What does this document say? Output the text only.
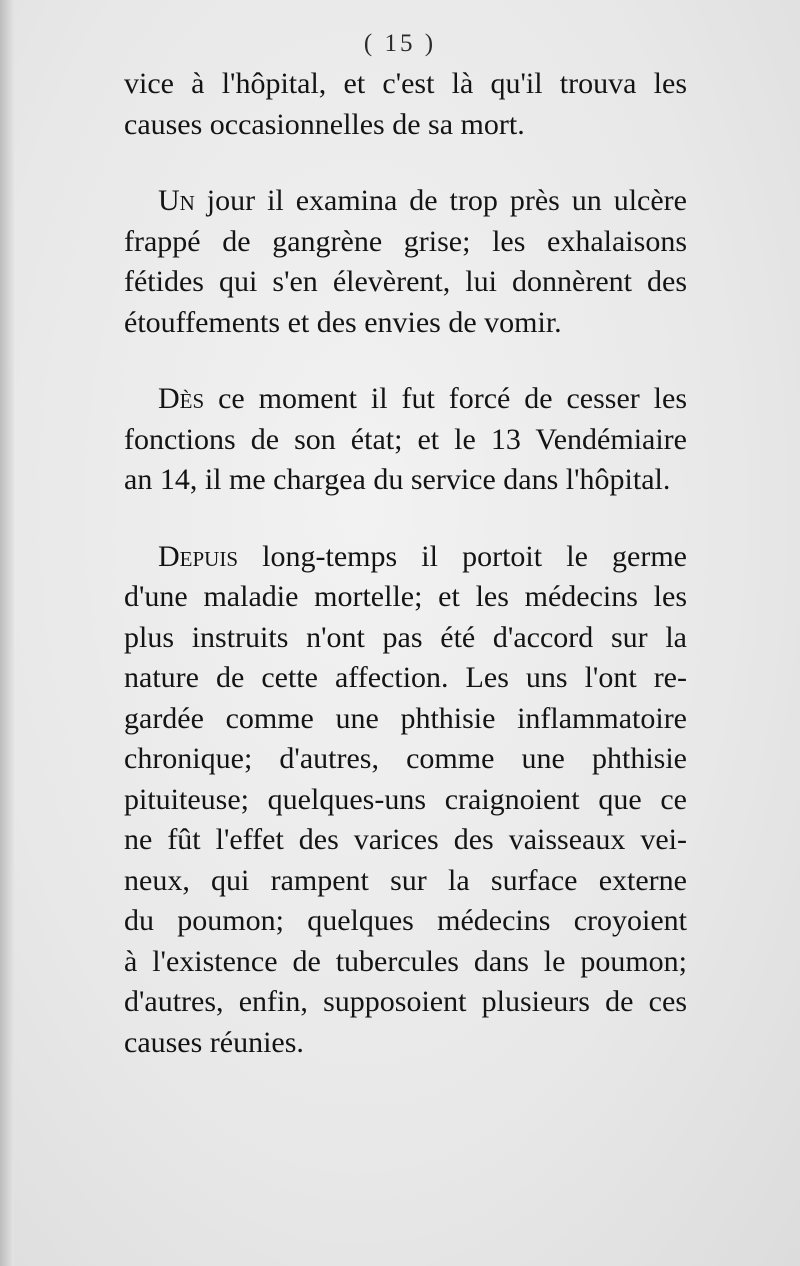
( 15 )
vice à l'hôpital, et c'est là qu'il trouva les
causes occasionnelles de sa mort.
Un jour il examina de trop près un ulcère
frappé de gangrène grise; les exhalaisons
fétides qui s'en élevèrent, lui donnèrent des
étouffements et des envies de vomir.
Dès ce moment il fut forcé de cesser les
fonctions de son état; et le 13 Vendémiaire
an 14, il me chargea du service dans l'hôpital.
Depuis long-temps il portoit le germe
d'une maladie mortelle; et les médecins les
plus instruits n'ont pas été d'accord sur la
nature de cette affection. Les uns l'ont re-
gardée comme une phthisie inflammatoire
chronique; d'autres, comme une phthisie
pituiteuse; quelques-uns craignoient que ce
ne fût l'effet des varices des vaisseaux vei-
neux, qui rampent sur la surface externe
du poumon; quelques médecins croyoient
à l'existence de tubercules dans le poumon;
d'autres, enfin, supposoient plusieurs de ces
causes réunies.
